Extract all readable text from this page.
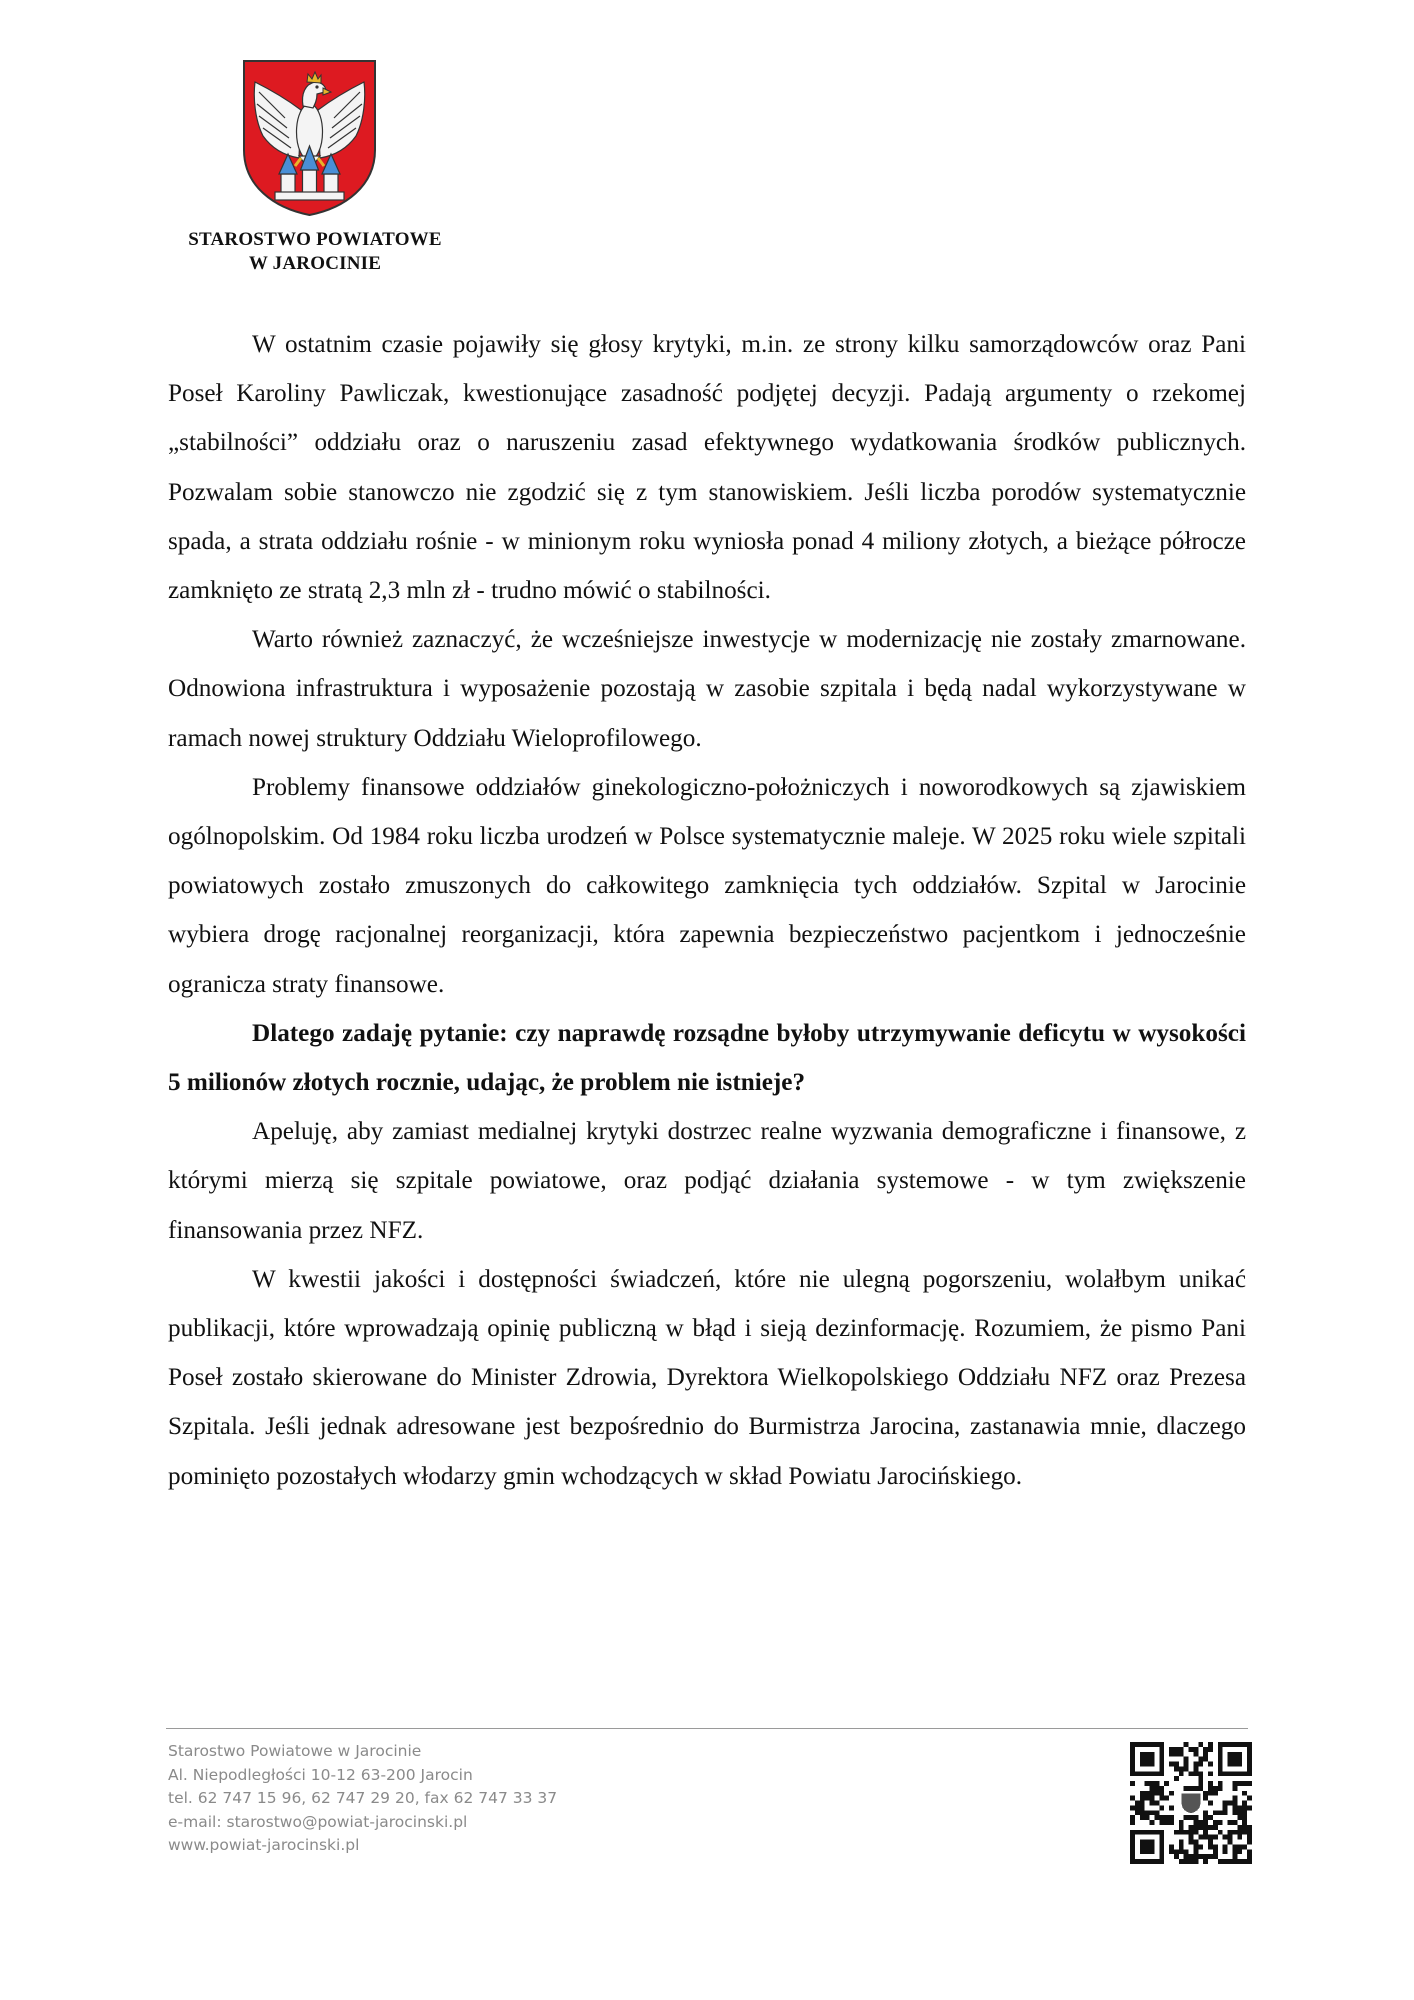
STAROSTWO POWIATOWE
W JAROCINIE

W ostatnim czasie pojawiły się głosy krytyki, m.in. ze strony kilku samorządowców oraz Pani Poseł Karoliny Pawliczak, kwestionujące zasadność podjętej decyzji. Padają argumenty o rzekomej „stabilności” oddziału oraz o naruszeniu zasad efektywnego wydatkowania środków publicznych. Pozwalam sobie stanowczo nie zgodzić się z tym stanowiskiem. Jeśli liczba porodów systematycznie spada, a strata oddziału rośnie - w minionym roku wyniosła ponad 4 miliony złotych, a bieżące półrocze zamknięto ze stratą 2,3 mln zł - trudno mówić o stabilności.

Warto również zaznaczyć, że wcześniejsze inwestycje w modernizację nie zostały zmarnowane. Odnowiona infrastruktura i wyposażenie pozostają w zasobie szpitala i będą nadal wykorzystywane w ramach nowej struktury Oddziału Wieloprofilowego.

Problemy finansowe oddziałów ginekologiczno-położniczych i noworodkowych są zjawiskiem ogólnopolskim. Od 1984 roku liczba urodzeń w Polsce systematycznie maleje. W 2025 roku wiele szpitali powiatowych zostało zmuszonych do całkowitego zamknięcia tych oddziałów. Szpital w Jarocinie wybiera drogę racjonalnej reorganizacji, która zapewnia bezpieczeństwo pacjentkom i jednocześnie ogranicza straty finansowe.

Dlatego zadaję pytanie: czy naprawdę rozsądne byłoby utrzymywanie deficytu w wysokości 5 milionów złotych rocznie, udając, że problem nie istnieje?

Apeluję, aby zamiast medialnej krytyki dostrzec realne wyzwania demograficzne i finansowe, z którymi mierzą się szpitale powiatowe, oraz podjąć działania systemowe - w tym zwiększenie finansowania przez NFZ.

W kwestii jakości i dostępności świadczeń, które nie ulegną pogorszeniu, wolałbym unikać publikacji, które wprowadzają opinię publiczną w błąd i sieją dezinformację. Rozumiem, że pismo Pani Poseł zostało skierowane do Minister Zdrowia, Dyrektora Wielkopolskiego Oddziału NFZ oraz Prezesa Szpitala. Jeśli jednak adresowane jest bezpośrednio do Burmistrza Jarocina, zastanawia mnie, dlaczego pominięto pozostałych włodarzy gmin wchodzących w skład Powiatu Jarocińskiego.

Starostwo Powiatowe w Jarocinie
Al. Niepodległości 10-12 63-200 Jarocin
tel. 62 747 15 96, 62 747 29 20, fax 62 747 33 37
e-mail: starostwo@powiat-jarocinski.pl
www.powiat-jarocinski.pl
